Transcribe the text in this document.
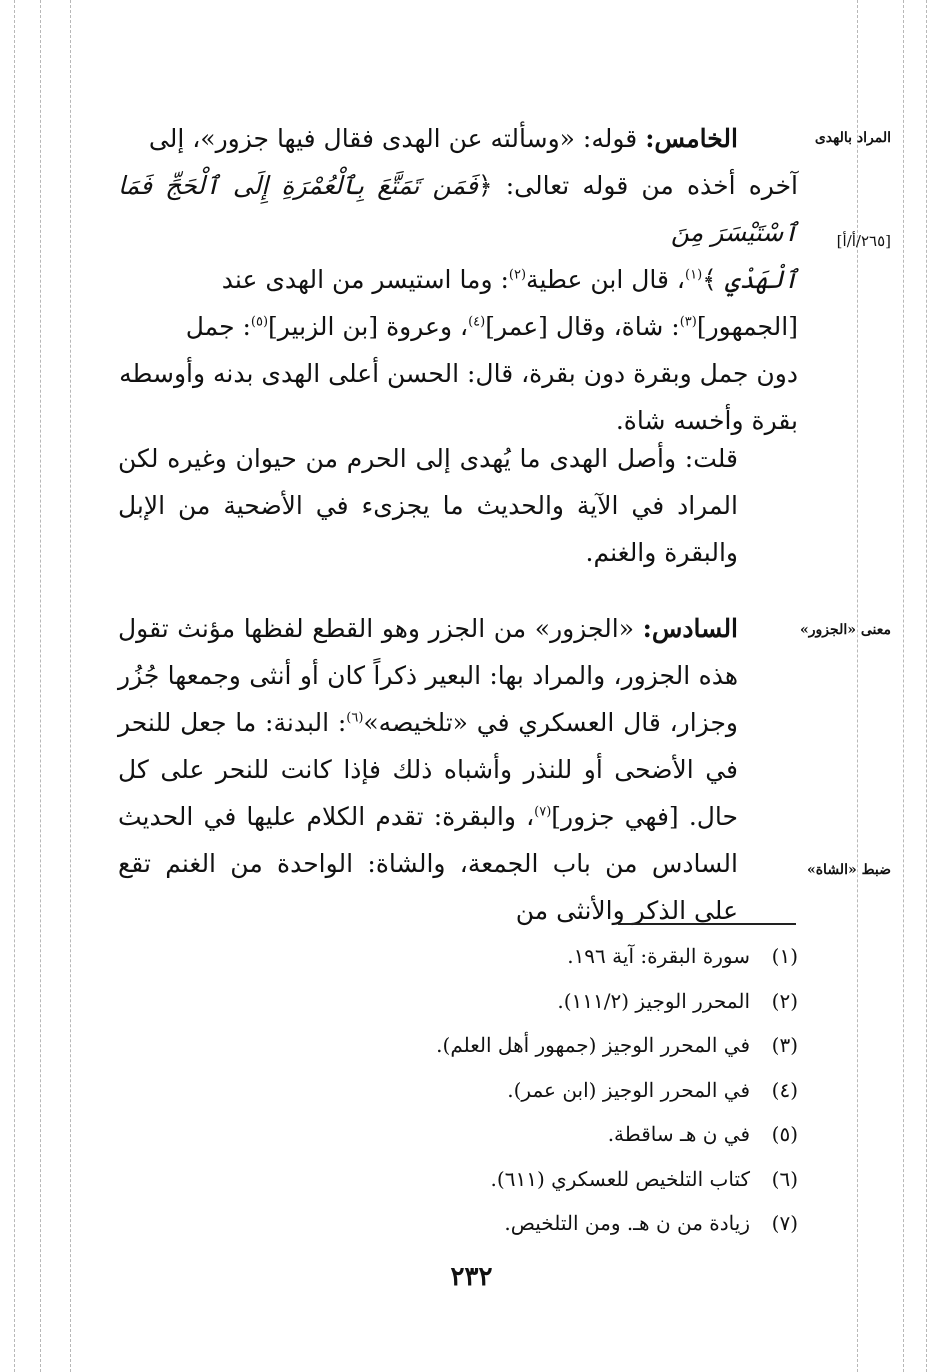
المراد بالهدى
[٢٦٥/أ/أ]
معنى «الجزور»
ضبط «الشاة»

الخامس: قوله: «وسألته عن الهدى فقال فيها جزور»، إلى

آخره أخذه من قوله تعالى: ﴿فَمَن تَمَتَّعَ بِٱلْعُمْرَةِ إِلَى ٱلْحَجِّ فَمَا ٱسْتَيْسَرَ مِنَ

ٱلْهَدْيِ ﴾$^{(١)}$، قال ابن عطية$^{(٢)}$: وما استيسر من الهدى عند

[الجمهور]$^{(٣)}$: شاة، وقال [عمر]$^{(٤)}$، وعروة [بن الزبير]$^{(٥)}$: جمل

دون جمل وبقرة دون بقرة، قال: الحسن أعلى الهدى بدنه وأوسطه

بقرة وأخسه شاة.

قلت: وأصل الهدى ما يُهدى إلى الحرم من حيوان وغيره لكن المراد في الآية والحديث ما يجزىء في الأضحية من الإبل والبقرة والغنم.

السادس: «الجزور» من الجزر وهو القطع لفظها مؤنث تقول هذه الجزور، والمراد بها: البعير ذكراً كان أو أنثى وجمعها جُزُر وجزار، قال العسكري في «تلخيصه»$^{(٦)}$: البدنة: ما جعل للنحر في الأضحى أو للنذر وأشباه ذلك فإذا كانت للنحر على كل حال. [فهي جزور]$^{(٧)}$، والبقرة: تقدم الكلام عليها في الحديث السادس من باب الجمعة، والشاة: الواحدة من الغنم تقع على الذكر والأنثى من

(١)
سورة البقرة: آية ١٩٦.
(٢)
المحرر الوجيز (١١١/٢).
(٣)
في المحرر الوجيز (جمهور أهل العلم).
(٤)
في المحرر الوجيز (ابن عمر).
(٥)
في ن هـ ساقطة.
(٦)
كتاب التلخيص للعسكري (٦١١).
(٧)
زيادة من ن هـ. ومن التلخيص.
٢٣٢
